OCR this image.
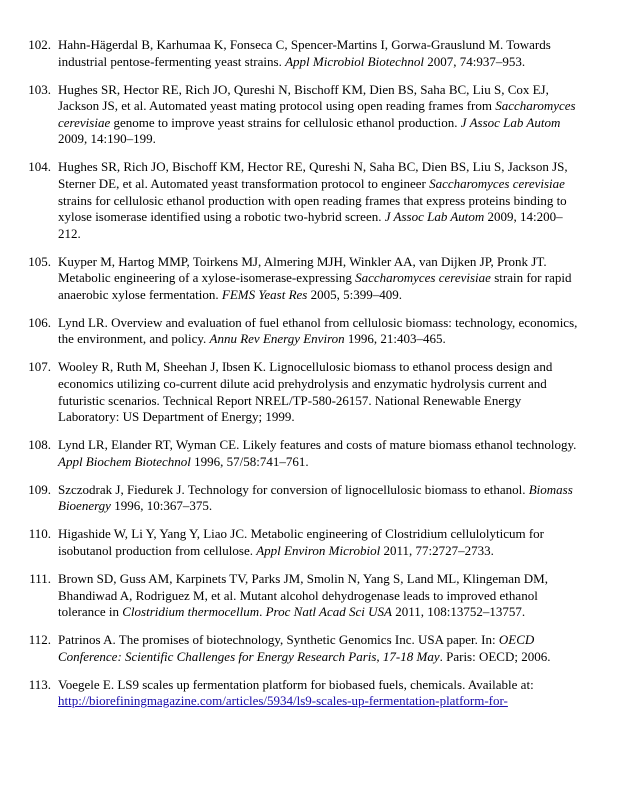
102. Hahn-Hägerdal B, Karhumaa K, Fonseca C, Spencer-Martins I, Gorwa-Grauslund M. Towards industrial pentose-fermenting yeast strains. Appl Microbiol Biotechnol 2007, 74:937–953.
103. Hughes SR, Hector RE, Rich JO, Qureshi N, Bischoff KM, Dien BS, Saha BC, Liu S, Cox EJ, Jackson JS, et al. Automated yeast mating protocol using open reading frames from Saccharomyces cerevisiae genome to improve yeast strains for cellulosic ethanol production. J Assoc Lab Autom 2009, 14:190–199.
104. Hughes SR, Rich JO, Bischoff KM, Hector RE, Qureshi N, Saha BC, Dien BS, Liu S, Jackson JS, Sterner DE, et al. Automated yeast transformation protocol to engineer Saccharomyces cerevisiae strains for cellulosic ethanol production with open reading frames that express proteins binding to xylose isomerase identified using a robotic two-hybrid screen. J Assoc Lab Autom 2009, 14:200–212.
105. Kuyper M, Hartog MMP, Toirkens MJ, Almering MJH, Winkler AA, van Dijken JP, Pronk JT. Metabolic engineering of a xylose-isomerase-expressing Saccharomyces cerevisiae strain for rapid anaerobic xylose fermentation. FEMS Yeast Res 2005, 5:399–409.
106. Lynd LR. Overview and evaluation of fuel ethanol from cellulosic biomass: technology, economics, the environment, and policy. Annu Rev Energy Environ 1996, 21:403–465.
107. Wooley R, Ruth M, Sheehan J, Ibsen K. Lignocellulosic biomass to ethanol process design and economics utilizing co-current dilute acid prehydrolysis and enzymatic hydrolysis current and futuristic scenarios. Technical Report NREL/TP-580-26157. National Renewable Energy Laboratory: US Department of Energy; 1999.
108. Lynd LR, Elander RT, Wyman CE. Likely features and costs of mature biomass ethanol technology. Appl Biochem Biotechnol 1996, 57/58:741–761.
109. Szczodrak J, Fiedurek J. Technology for conversion of lignocellulosic biomass to ethanol. Biomass Bioenergy 1996, 10:367–375.
110. Higashide W, Li Y, Yang Y, Liao JC. Metabolic engineering of Clostridium cellulolyticum for isobutanol production from cellulose. Appl Environ Microbiol 2011, 77:2727–2733.
111. Brown SD, Guss AM, Karpinets TV, Parks JM, Smolin N, Yang S, Land ML, Klingeman DM, Bhandiwad A, Rodriguez M, et al. Mutant alcohol dehydrogenase leads to improved ethanol tolerance in Clostridium thermocellum. Proc Natl Acad Sci USA 2011, 108:13752–13757.
112. Patrinos A. The promises of biotechnology, Synthetic Genomics Inc. USA paper. In: OECD Conference: Scientific Challenges for Energy Research Paris, 17-18 May. Paris: OECD; 2006.
113. Voegele E. LS9 scales up fermentation platform for biobased fuels, chemicals. Available at: http://biorefiningmagazine.com/articles/5934/ls9-scales-up-fermentation-platform-for-
